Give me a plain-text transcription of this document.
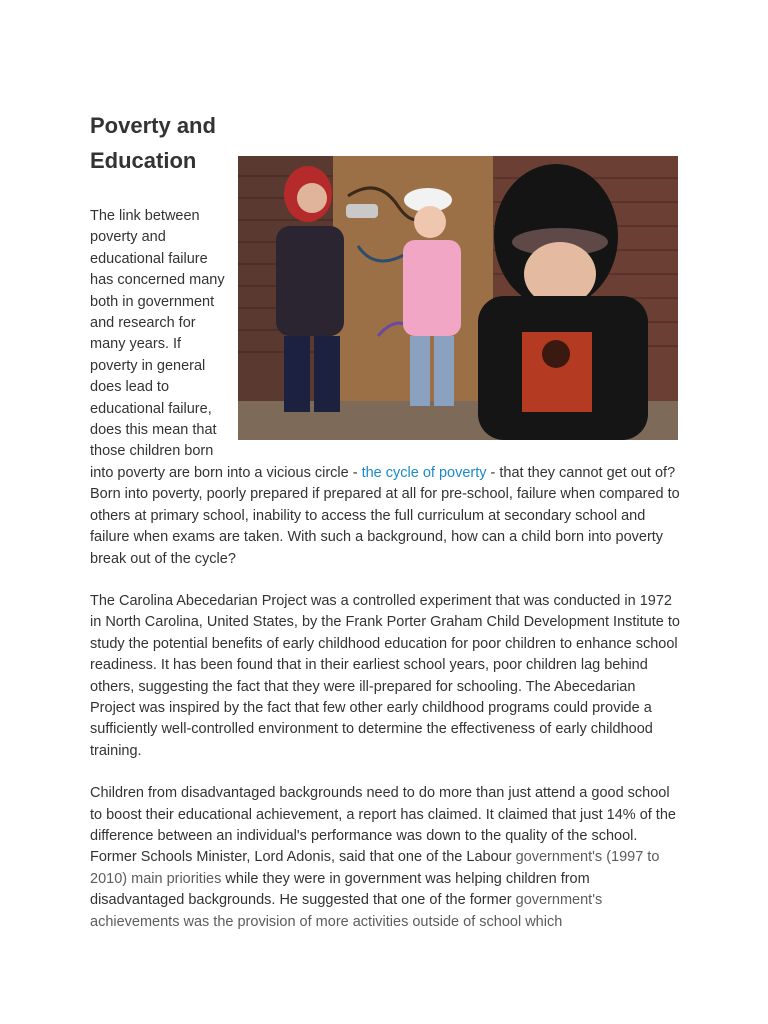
Poverty and
Education

The link between poverty and educational failure has concerned many both in government and research for many years. If poverty in general does lead to educational failure, does this mean that those children born into poverty are born into a vicious circle - the cycle of poverty - that they cannot get out of? Born into poverty, poorly prepared if prepared at all for pre-school, failure when compared to others at primary school, inability to access the full curriculum at secondary school and failure when exams are taken. With such a background, how can a child born into poverty break out of the cycle?

The Carolina Abecedarian Project was a controlled experiment that was conducted in 1972 in North Carolina, United States, by the Frank Porter Graham Child Development Institute to study the potential benefits of early childhood education for poor children to enhance school readiness. It has been found that in their earliest school years, poor children lag behind others, suggesting the fact that they were ill-prepared for schooling. The Abecedarian Project was inspired by the fact that few other early childhood programs could provide a sufficiently well-controlled environment to determine the effectiveness of early childhood training.

Children from disadvantaged backgrounds need to do more than just attend a good school to boost their educational achievement, a report has claimed. It claimed that just 14% of the difference between an individual's performance was down to the quality of the school. Former Schools Minister, Lord Adonis, said that one of the Labour government's (1997 to 2010) main priorities while they were in government was helping children from disadvantaged backgrounds. He suggested that one of the former government's achievements was the provision of more activities outside of school which
